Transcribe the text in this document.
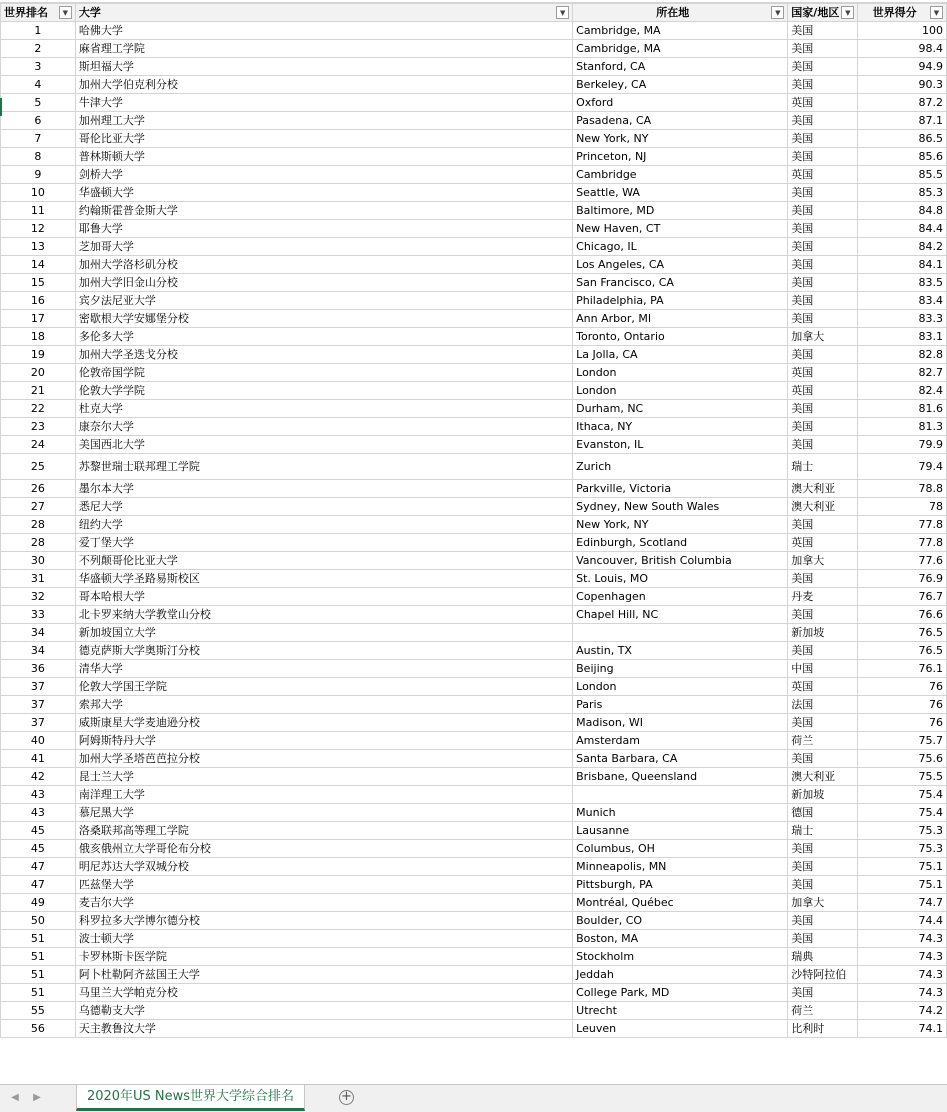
世界排名 ▼	大学 ▼	所在地 ▼	国家/地区 ▼	世界得分 ▼

1	哈佛大学	Cambridge, MA	美国	100
2	麻省理工学院	Cambridge, MA	美国	98.4
3	斯坦福大学	Stanford, CA	美国	94.9
4	加州大学伯克利分校	Berkeley, CA	美国	90.3
5	牛津大学	Oxford	英国	87.2
6	加州理工大学	Pasadena, CA	美国	87.1
7	哥伦比亚大学	New York, NY	美国	86.5
8	普林斯顿大学	Princeton, NJ	美国	85.6
9	剑桥大学	Cambridge	英国	85.5
10	华盛顿大学	Seattle, WA	美国	85.3
11	约翰斯霍普金斯大学	Baltimore, MD	美国	84.8
12	耶鲁大学	New Haven, CT	美国	84.4
13	芝加哥大学	Chicago, IL	美国	84.2
14	加州大学洛杉矶分校	Los Angeles, CA	美国	84.1
15	加州大学旧金山分校	San Francisco, CA	美国	83.5
16	宾夕法尼亚大学	Philadelphia, PA	美国	83.4
17	密歇根大学安娜堡分校	Ann Arbor, MI	美国	83.3
18	多伦多大学	Toronto, Ontario	加拿大	83.1
19	加州大学圣迭戈分校	La Jolla, CA	美国	82.8
20	伦敦帝国学院	London	英国	82.7
21	伦敦大学学院	London	英国	82.4
22	杜克大学	Durham, NC	美国	81.6
23	康奈尔大学	Ithaca, NY	美国	81.3
24	美国西北大学	Evanston, IL	美国	79.9
25	苏黎世瑞士联邦理工学院	Zurich	瑞士	79.4
26	墨尔本大学	Parkville, Victoria	澳大利亚	78.8
27	悉尼大学	Sydney, New South Wales	澳大利亚	78
28	纽约大学	New York, NY	美国	77.8
28	爱丁堡大学	Edinburgh, Scotland	英国	77.8
30	不列颠哥伦比亚大学	Vancouver, British Columbia	加拿大	77.6
31	华盛顿大学圣路易斯校区	St. Louis, MO	美国	76.9
32	哥本哈根大学	Copenhagen	丹麦	76.7
33	北卡罗来纳大学教堂山分校	Chapel Hill, NC	美国	76.6
34	新加坡国立大学		新加坡	76.5
34	德克萨斯大学奥斯汀分校	Austin, TX	美国	76.5
36	清华大学	Beijing	中国	76.1
37	伦敦大学国王学院	London	英国	76
37	索邦大学	Paris	法国	76
37	威斯康星大学麦迪逊分校	Madison, WI	美国	76
40	阿姆斯特丹大学	Amsterdam	荷兰	75.7
41	加州大学圣塔芭芭拉分校	Santa Barbara, CA	美国	75.6
42	昆士兰大学	Brisbane, Queensland	澳大利亚	75.5
43	南洋理工大学		新加坡	75.4
43	慕尼黑大学	Munich	德国	75.4
45	洛桑联邦高等理工学院	Lausanne	瑞士	75.3
45	俄亥俄州立大学哥伦布分校	Columbus, OH	美国	75.3
47	明尼苏达大学双城分校	Minneapolis, MN	美国	75.1
47	匹兹堡大学	Pittsburgh, PA	美国	75.1
49	麦吉尔大学	Montréal, Québec	加拿大	74.7
50	科罗拉多大学博尔德分校	Boulder, CO	美国	74.4
51	波士顿大学	Boston, MA	美国	74.3
51	卡罗林斯卡医学院	Stockholm	瑞典	74.3
51	阿卜杜勒阿齐兹国王大学	Jeddah	沙特阿拉伯	74.3
51	马里兰大学帕克分校	College Park, MD	美国	74.3
55	乌德勒支大学	Utrecht	荷兰	74.2
56	天主教鲁汶大学	Leuven	比利时	74.1
◀	▶	2020年US News世界大学综合排名	+
